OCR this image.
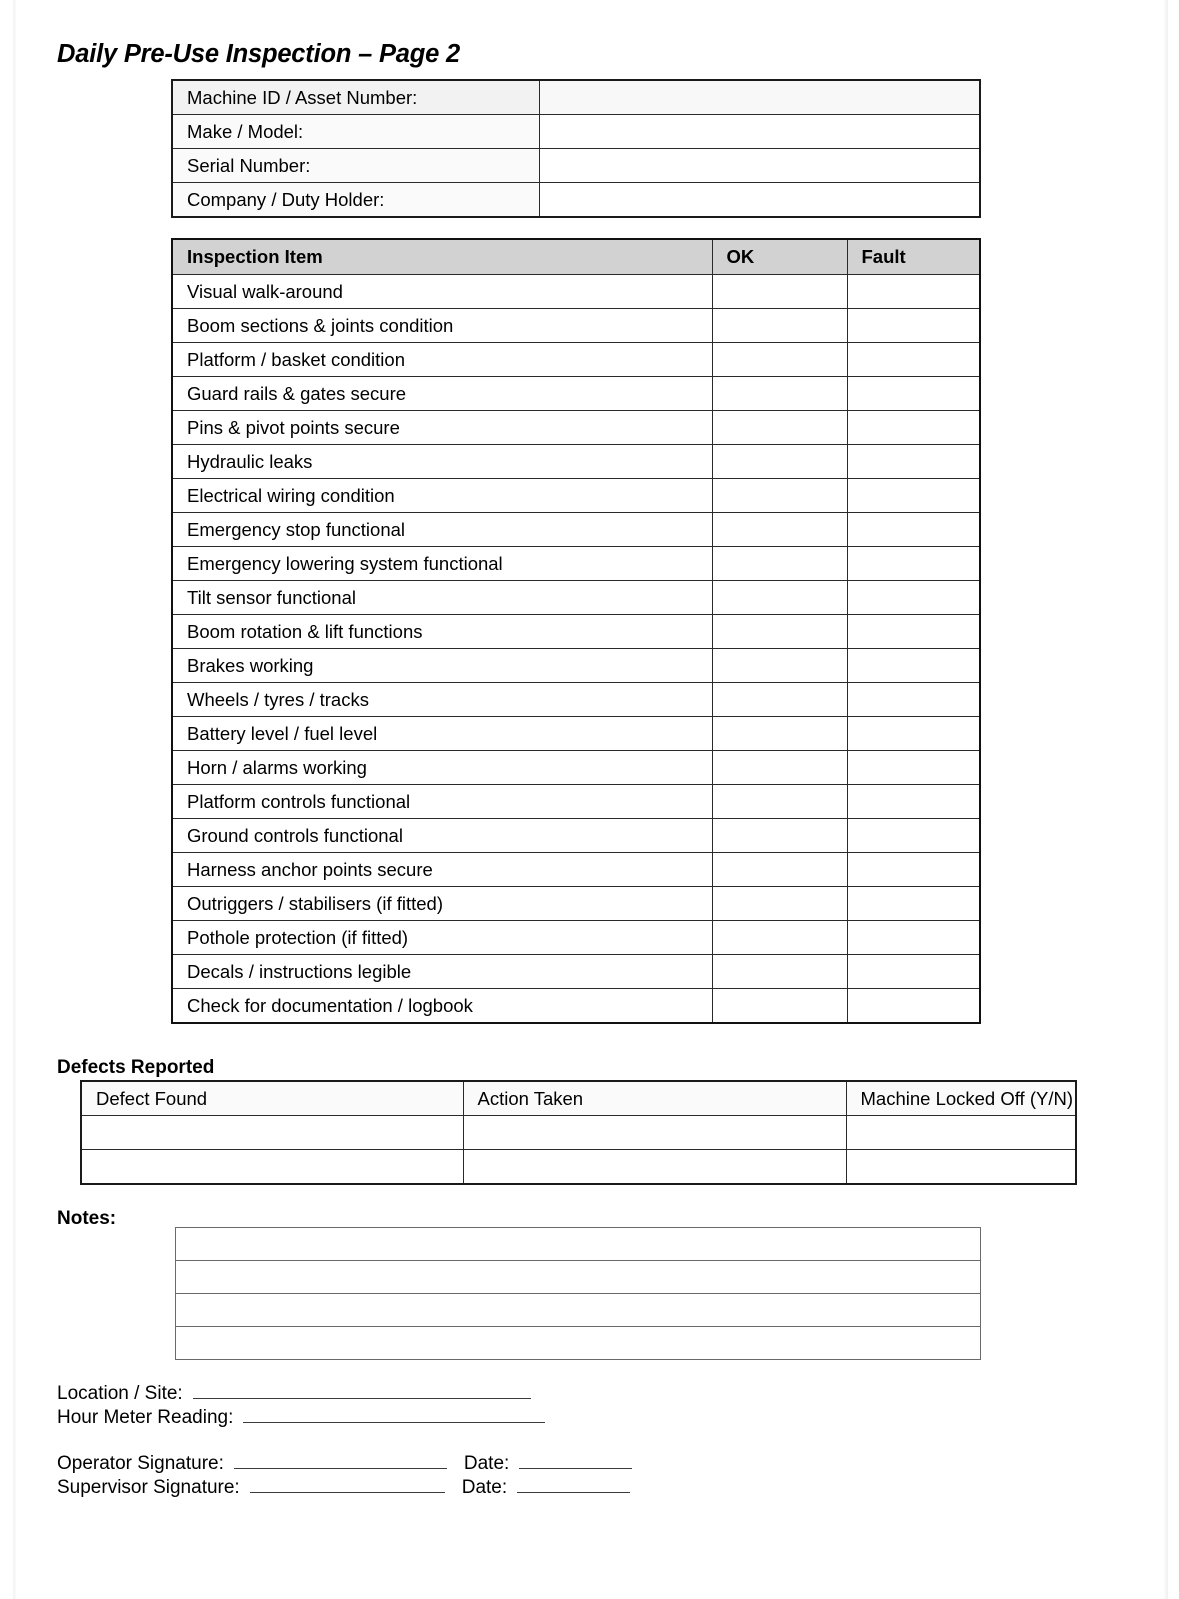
Daily Pre-Use Inspection – Page 2
Machine ID / Asset Number:	
Make / Model:	
Serial Number:	
Company / Duty Holder:	
Inspection Item	OK	Fault
Visual walk-around		
Boom sections & joints condition		
Platform / basket condition		
Guard rails & gates secure		
Pins & pivot points secure		
Hydraulic leaks		
Electrical wiring condition		
Emergency stop functional		
Emergency lowering system functional		
Tilt sensor functional		
Boom rotation & lift functions		
Brakes working		
Wheels / tyres / tracks		
Battery level / fuel level		
Horn / alarms working		
Platform controls functional		
Ground controls functional		
Harness anchor points secure		
Outriggers / stabilisers (if fitted)		
Pothole protection (if fitted)		
Decals / instructions legible		
Check for documentation / logbook		
Defects Reported
Defect Found	Action Taken	Machine Locked Off (Y/N)

Notes:

Location / Site:
Hour Meter Reading:
Operator Signature:	Date:
Supervisor Signature:	Date:
